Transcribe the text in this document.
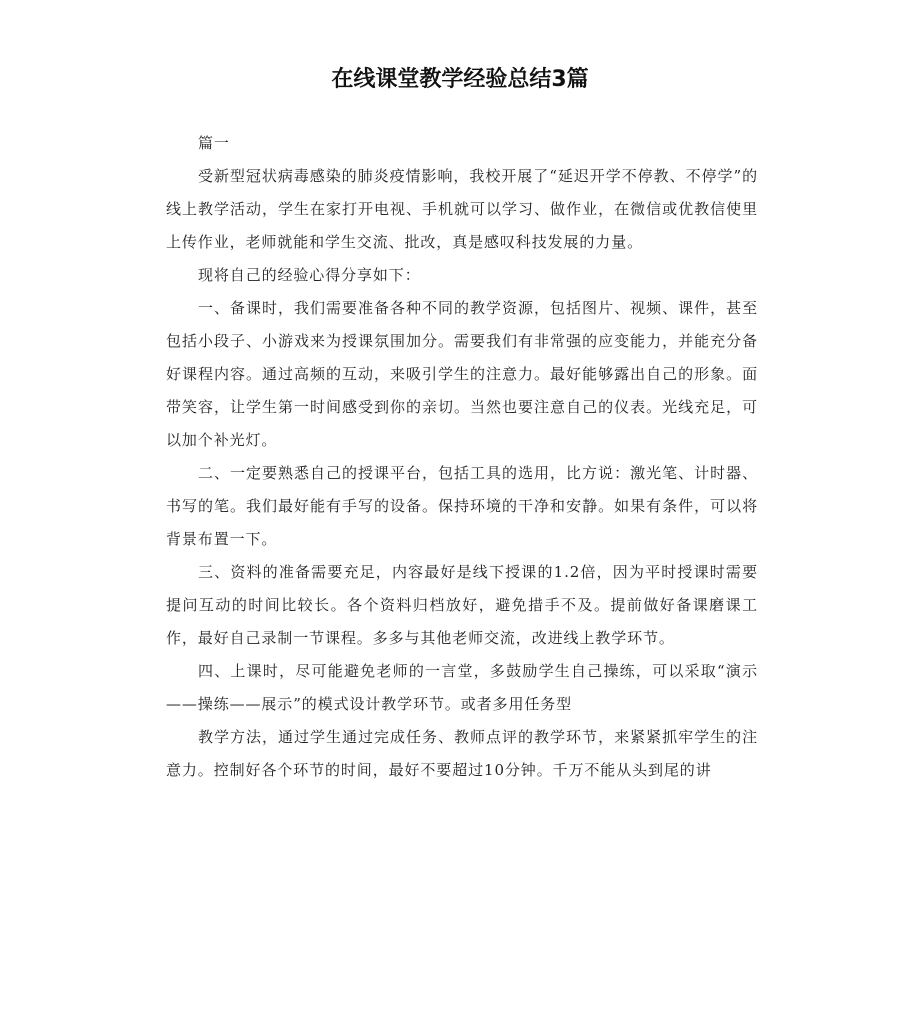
在线课堂教学经验总结3篇

篇一

受新型冠状病毒感染的肺炎疫情影响，我校开展了“延迟开学不停教、不停学”的线上教学活动，学生在家打开电视、手机就可以学习、做作业，在微信或优教信使里上传作业，老师就能和学生交流、批改，真是感叹科技发展的力量。

现将自己的经验心得分享如下：

一、备课时，我们需要准备各种不同的教学资源，包括图片、视频、课件，甚至包括小段子、小游戏来为授课氛围加分。需要我们有非常强的应变能力，并能充分备好课程内容。通过高频的互动，来吸引学生的注意力。最好能够露出自己的形象。面带笑容，让学生第一时间感受到你的亲切。当然也要注意自己的仪表。光线充足，可以加个补光灯。

二、一定要熟悉自己的授课平台，包括工具的选用，比方说：激光笔、计时器、书写的笔。我们最好能有手写的设备。保持环境的干净和安静。如果有条件，可以将背景布置一下。

三、资料的准备需要充足，内容最好是线下授课的1.2倍，因为平时授课时需要提问互动的时间比较长。各个资料归档放好，避免措手不及。提前做好备课磨课工作，最好自己录制一节课程。多多与其他老师交流，改进线上教学环节。

四、上课时，尽可能避免老师的一言堂，多鼓励学生自己操练，可以采取“演示——操练——展示”的模式设计教学环节。或者多用任务型

教学方法，通过学生通过完成任务、教师点评的教学环节，来紧紧抓牢学生的注意力。控制好各个环节的时间，最好不要超过10分钟。千万不能从头到尾的讲
